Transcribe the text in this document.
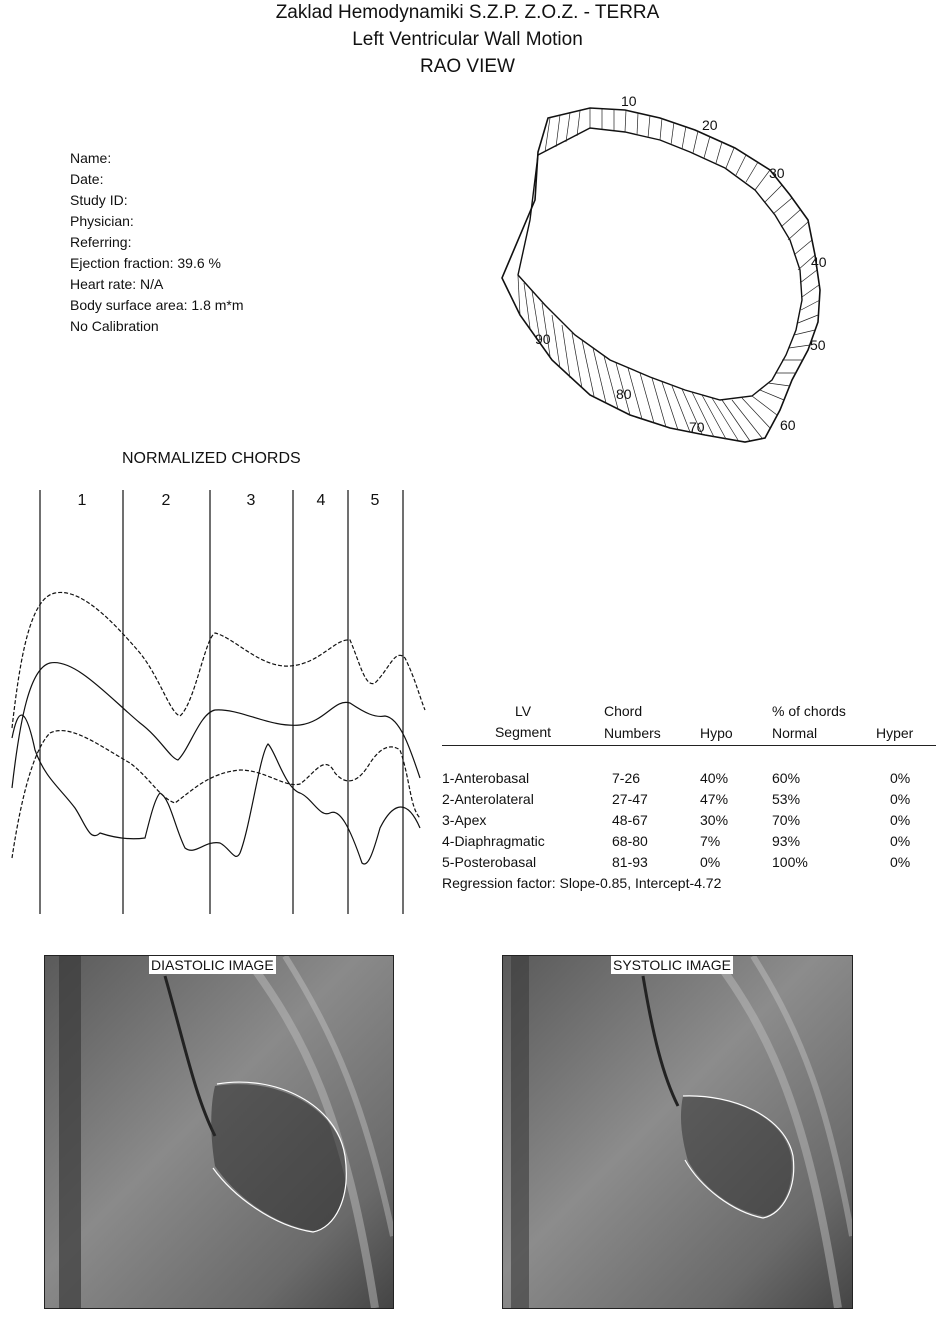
Zaklad Hemodynamiki S.Z.P. Z.O.Z. - TERRA
Left Ventricular Wall Motion
RAO VIEW
Name:
Date:
Study ID:
Physician:
Referring:
Ejection fraction: 39.6 %
Heart rate: N/A
Body surface area: 1.8 m*m
No Calibration
10
20
30
40
50
60
70
80
90
NORMALIZED CHORDS
1	2	3	4	5
LV	Chord		% of chords	
Segment	Numbers	Hypo	Normal	Hyper

1-Anterobasal	7-26	40%	60%	0%
2-Anterolateral	27-47	47%	53%	0%
3-Apex	48-67	30%	70%	0%
4-Diaphragmatic	68-80	7%	93%	0%
5-Posterobasal	81-93	0%	100%	0%
Regression factor: Slope-0.85, Intercept-4.72				
DIASTOLIC IMAGE	SYSTOLIC IMAGE
